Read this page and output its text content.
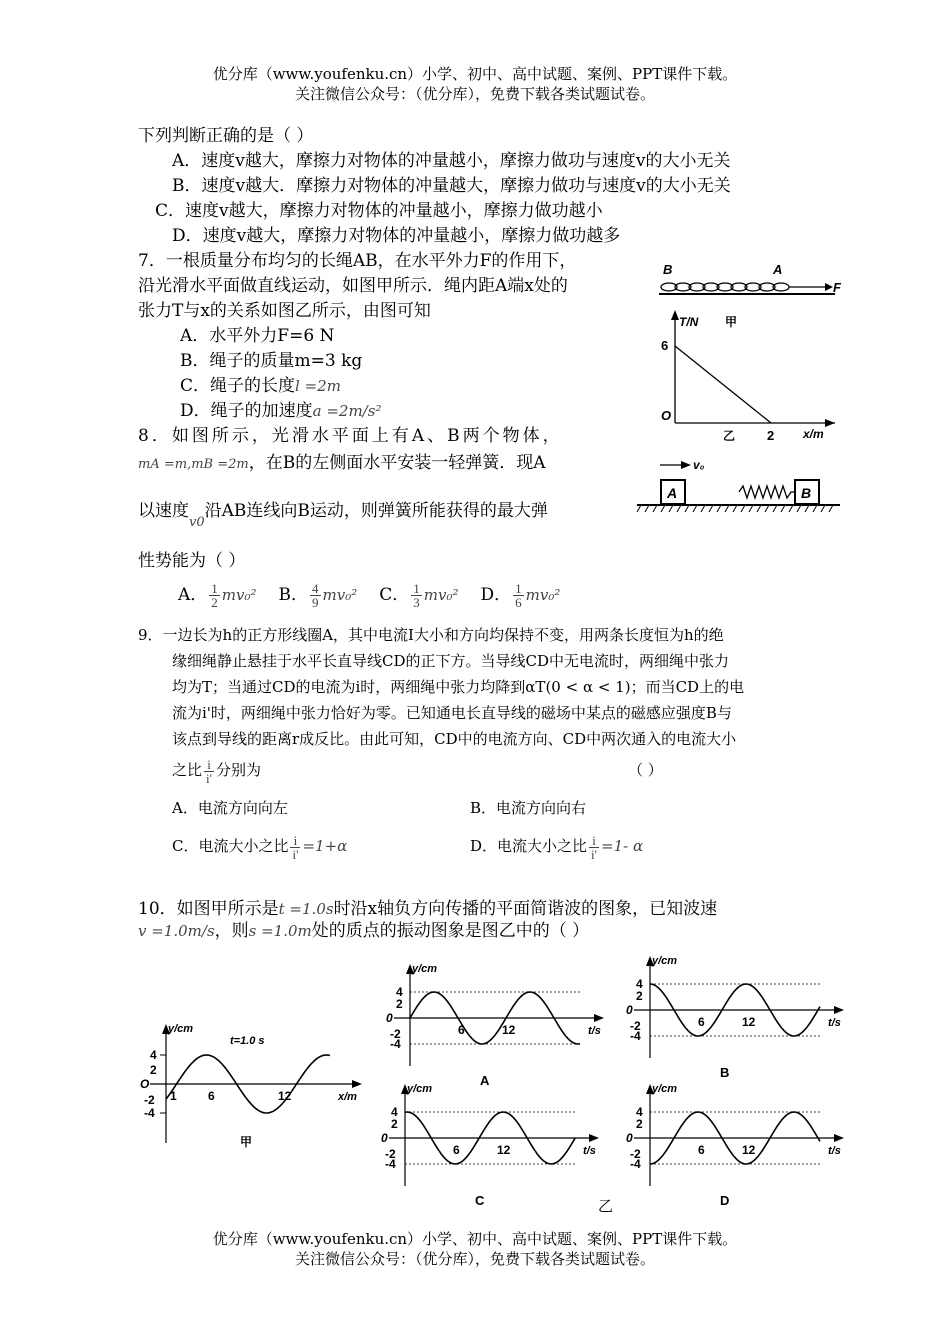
优分库（www.youfenku.cn）小学、初中、高中试题、案例、PPT课件下载。
关注微信公众号：（优分库），免费下载各类试题试卷。
下列判断正确的是（ ）
A．速度v越大，摩擦力对物体的冲量越小，摩擦力做功与速度v的大小无关
B．速度v越大．摩擦力对物体的冲量越大，摩擦力做功与速度v的大小无关
C．速度v越大，摩擦力对物体的冲量越小，摩擦力做功越小
D．速度v越大，摩擦力对物体的冲量越小，摩擦力做功越多
7．一根质量分布均匀的长绳AB，在水平外力F的作用下，
沿光滑水平面做直线运动，如图甲所示．绳内距A端x处的
张力T与x的关系如图乙所示，由图可知
A．水平外力F=6 N
B．绳子的质量m=3 kg
C．绳子的长度l =2m
D．绳子的加速度a =2m/s²
B	A
F
T/N 甲
6
O
2 x/m
乙
8．如图所示，光滑水平面上有A、B两个物体，
mA =m,mB =2m，在B的左侧面水平安装一轻弹簧．现A
以速度$_{v0}$沿AB连线向B运动，则弹簧所能获得的最大弹
性势能为（ ）
A． $\frac{1}{2} mv_0^2$ B． $\frac{4}{9} mv_0^2$ C． $\frac{1}{3} mv_0^2$ D． $\frac{1}{6} mv_0^2$
v₀
A	B
9．一边长为h的正方形线圈A，其中电流I大小和方向均保持不变，用两条长度恒为h的绝
缘细绳静止悬挂于水平长直导线CD的正下方。当导线CD中无电流时，两细绳中张力
均为T；当通过CD的电流为i时，两细绳中张力均降到αT(0 < α < 1)；而当CD上的电
流为i'时，两细绳中张力恰好为零。已知通电长直导线的磁场中某点的磁感应强度B与
该点到导线的距离r成反比。由此可知，CD中的电流方向、CD中两次通入的电流大小
之比 $\frac{i}{i'}$ 分别为	（ ）
A．电流方向向左	B．电流方向向右
C．电流大小之比 $\frac{i}{i'} =1+\alpha$	D．电流大小之比 $\frac{i}{i'} =1-$ α
10．如图甲所示是t =1.0s时沿x轴负方向传播的平面简谐波的图象，已知波速
v =1.0m/s，则s =1.0m处的质点的振动图象是图乙中的（ ）
y/cm
t=1.0 s
x/m
4
2
O
-2
-4
1	6	12
甲
y/cm
t/s
4
2
0
-2
-4
6	12
A
y/cm
t/s
4
2
0
-2
-4
6	12
B
y/cm
t/s
4
2
0
-2
-4
6	12
C
y/cm
t/s
4
2
0
-2
-4
6	12
D
乙
优分库（www.youfenku.cn）小学、初中、高中试题、案例、PPT课件下载。
关注微信公众号：（优分库），免费下载各类试题试卷。
